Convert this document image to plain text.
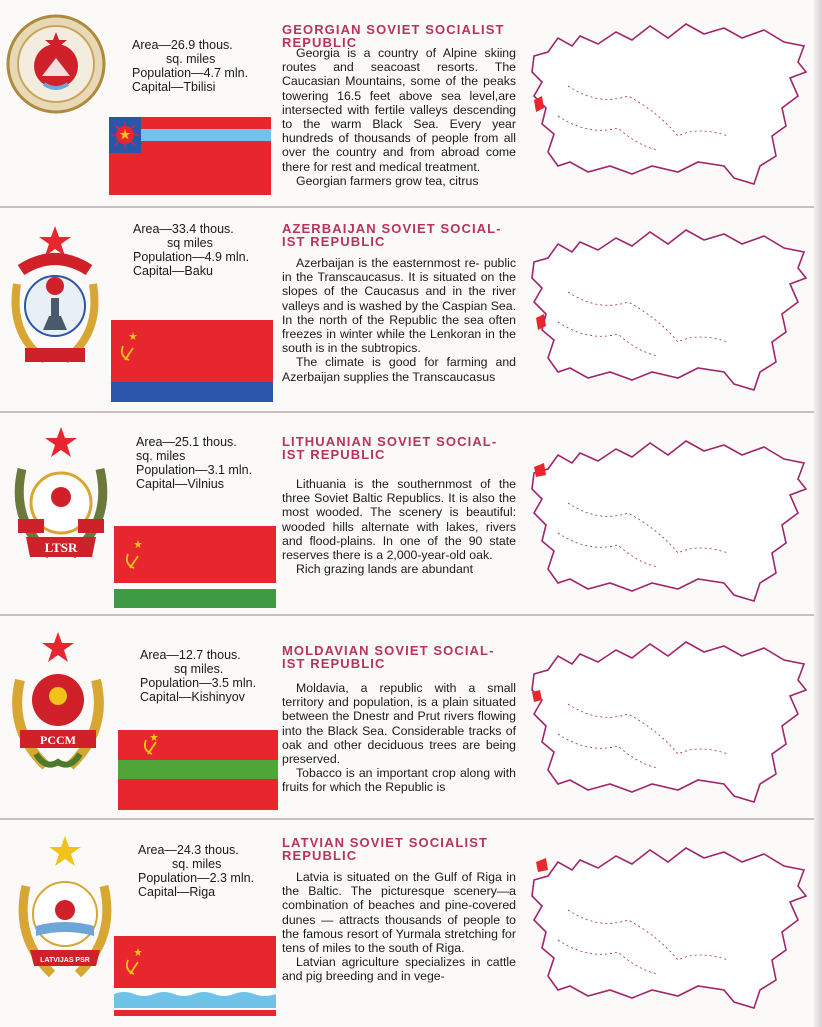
Area—26.9 thous.
sq. miles
Population—4.7 mln.
Capital—Tbilisi
GEORGIAN SOVIET SOCIALIST REPUBLIC

Georgia is a country of Alpine skiing routes and seacoast resorts. The Caucasian Mountains, some of the peaks towering 16.5 feet above sea level,are intersected with fertile valleys descending to the warm Black Sea. Every year hundreds of thousands of people from all over the country and from abroad come there for rest and medical treatment.

Georgian farmers grow tea, citrus

Area—33.4 thous.
sq miles
Population—4.9 mln.
Capital—Baku
AZERBAIJAN SOVIET SOCIAL- IST REPUBLIC

Azerbaijan is the easternmost re- public in the Transcaucasus. It is situated on the slopes of the Caucasus and in the river valleys and is washed by the Caspian Sea. In the north of the Republic the sea often freezes in winter while the Lenkoran in the south is in the subtropics.

The climate is good for farming and Azerbaijan supplies the Transcaucasus

LTSR
Area—25.1 thous.
sq. miles
Population—3.1 mln.
Capital—Vilnius
LITHUANIAN SOVIET SOCIAL- IST REPUBLIC

Lithuania is the southernmost of the three Soviet Baltic Republics. It is also the most wooded. The scenery is beautiful: wooded hills alternate with lakes, rivers and flood-plains. In one of the 90 state reserves there is a 2,000-year-old oak.

Rich grazing lands are abundant

PCCM
Area—12.7 thous.
sq miles.
Population—3.5 mln.
Capital—Kishinyov
MOLDAVIAN SOVIET SOCIAL- IST REPUBLIC

Moldavia, a republic with a small territory and population, is a plain situated between the Dnestr and Prut rivers flowing into the Black Sea. Considerable tracks of oak and other deciduous trees are being preserved.

Tobacco is an important crop along with fruits for which the Republic is

LATVIJAS PSR
Area—24.3 thous.
sq. miles
Population—2.3 mln.
Capital—Riga
LATVIAN SOVIET SOCIALIST REPUBLIC

Latvia is situated on the Gulf of Riga in the Baltic. The picturesque scenery—a combination of beaches and pine-covered dunes — attracts thousands of people to the famous resort of Yurmala stretching for tens of miles to the south of Riga.

Latvian agriculture specializes in cattle and pig breeding and in vege-
